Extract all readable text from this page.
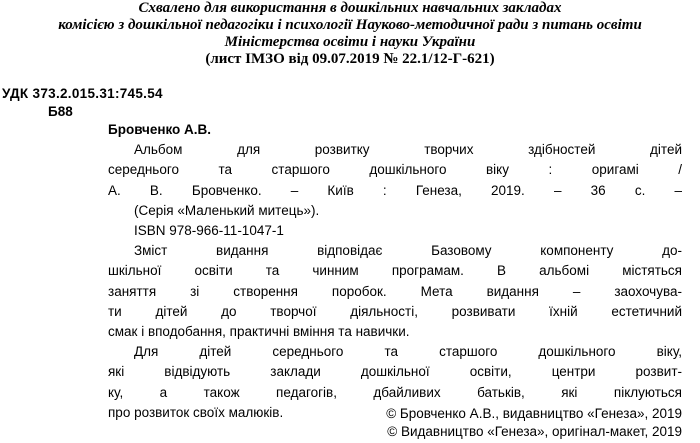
Схвалено для використання в дошкільних навчальних закладах
комісією з дошкільної педагогіки і психології Науково-методичної ради з питань освіти
Міністерства освіти і науки України
(лист ІМЗО від 09.07.2019 № 22.1/12-Г-621)
УДК 373.2.015.31:745.54
Б88
Бровченко А.В.
Альбом для розвитку творчих здібностей дітей
середнього та старшого дошкільного віку : оригамі /
А. В. Бровченко. – Київ : Генеза, 2019. – 36 с. –
(Серія «Маленький митець»).
ISBN 978-966-11-1047-1
Зміст видання відповідає Базовому компоненту до-
шкільної освіти та чинним програмам. В альбомі містяться
заняття зі створення поробок. Мета видання – заохочува-
ти дітей до творчої діяльності, розвивати їхній естетичний
смак і вподобання, практичні вміння та навички.
Для дітей середнього та старшого дошкільного віку,
які відвідують заклади дошкільної освіти, центри розвит-
ку, а також педагогів, дбайливих батьків, які піклуються
про розвиток своїх малюків.	© Бровченко А.В., видавництво «Генеза», 2019
© Видавництво «Генеза», оригінал-макет, 2019
